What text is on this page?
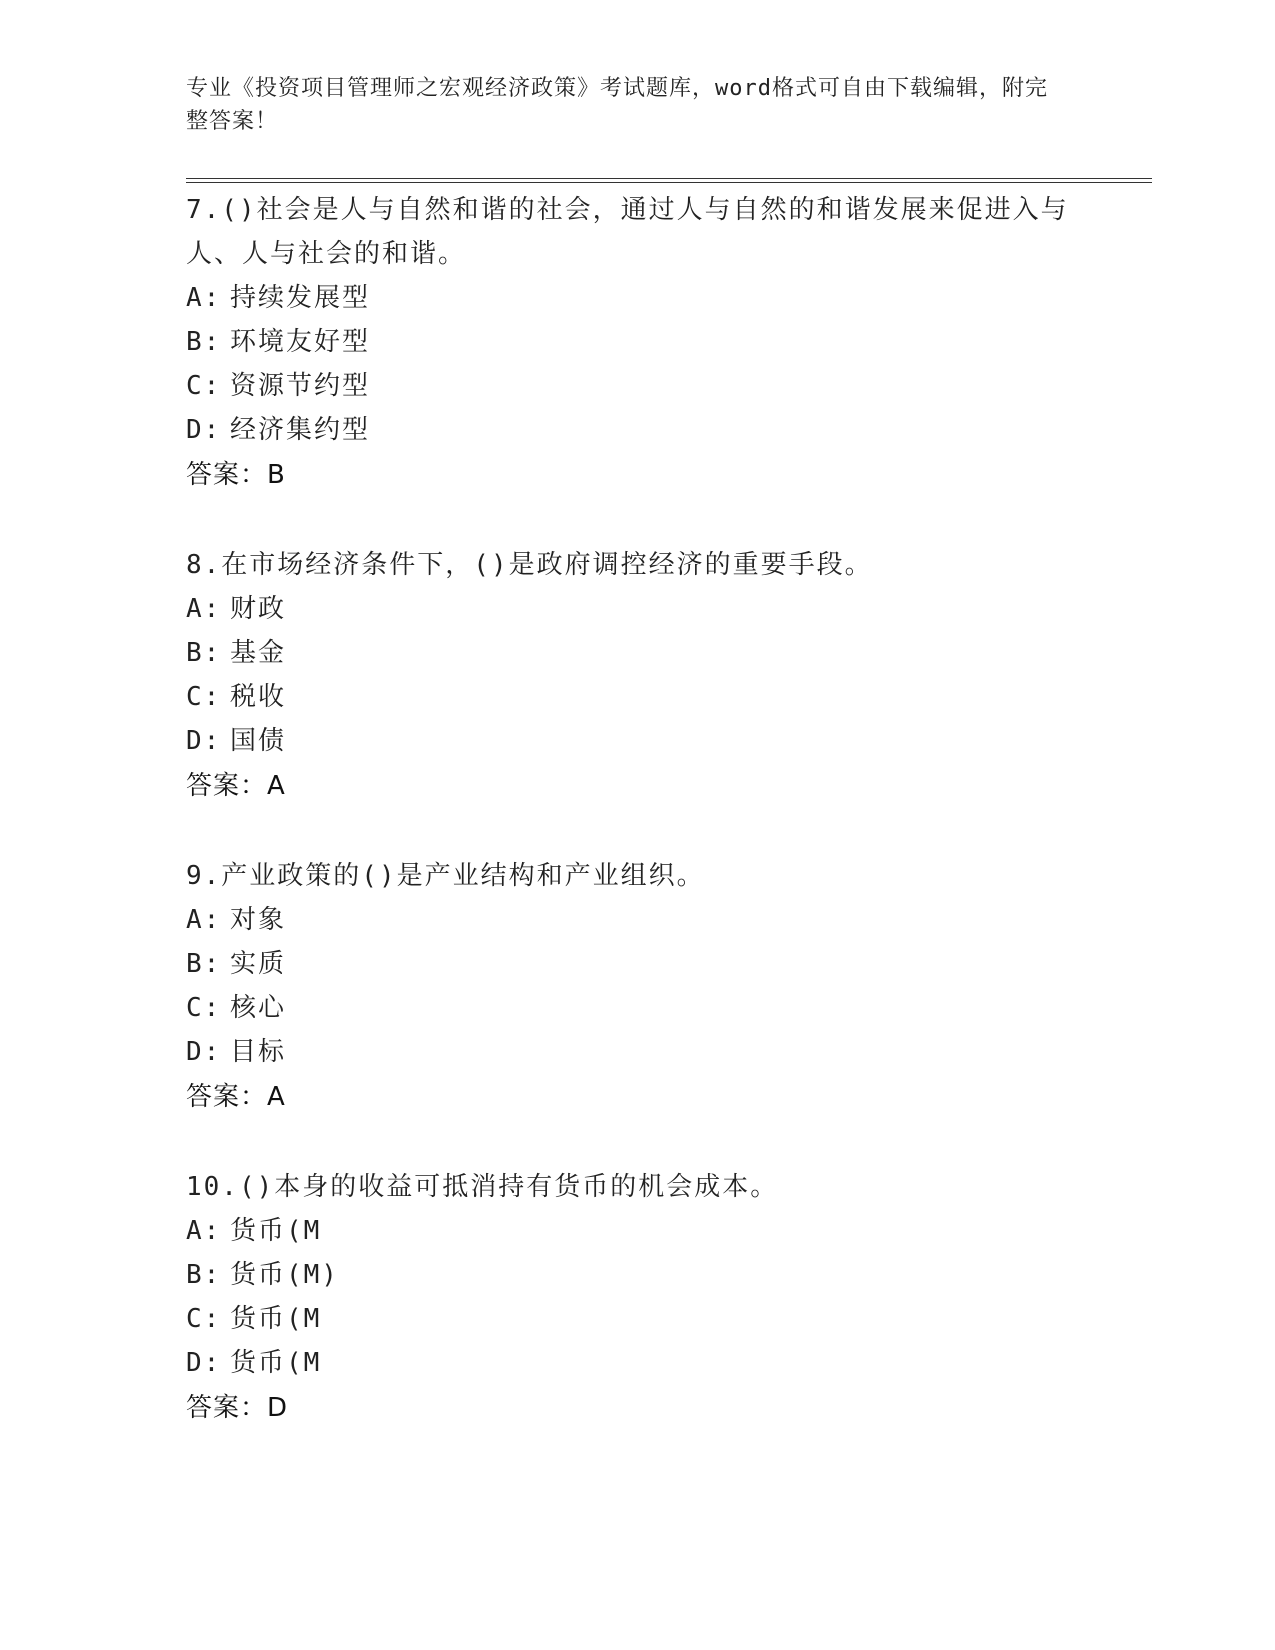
专业《投资项目管理师之宏观经济政策》考试题库，word格式可自由下载编辑，附完整答案！

7.()社会是人与自然和谐的社会，通过人与自然的和谐发展来促进入与人、人与社会的和谐。

A: 持续发展型
B: 环境友好型
C: 资源节约型
D: 经济集约型
答案：B

8.在市场经济条件下，()是政府调控经济的重要手段。

A: 财政
B: 基金
C: 税收
D: 国债
答案：A

9.产业政策的()是产业结构和产业组织。

A: 对象
B: 实质
C: 核心
D: 目标
答案：A

10.()本身的收益可抵消持有货币的机会成本。

A: 货币(M
B: 货币(M)
C: 货币(M
D: 货币(M
答案：D
